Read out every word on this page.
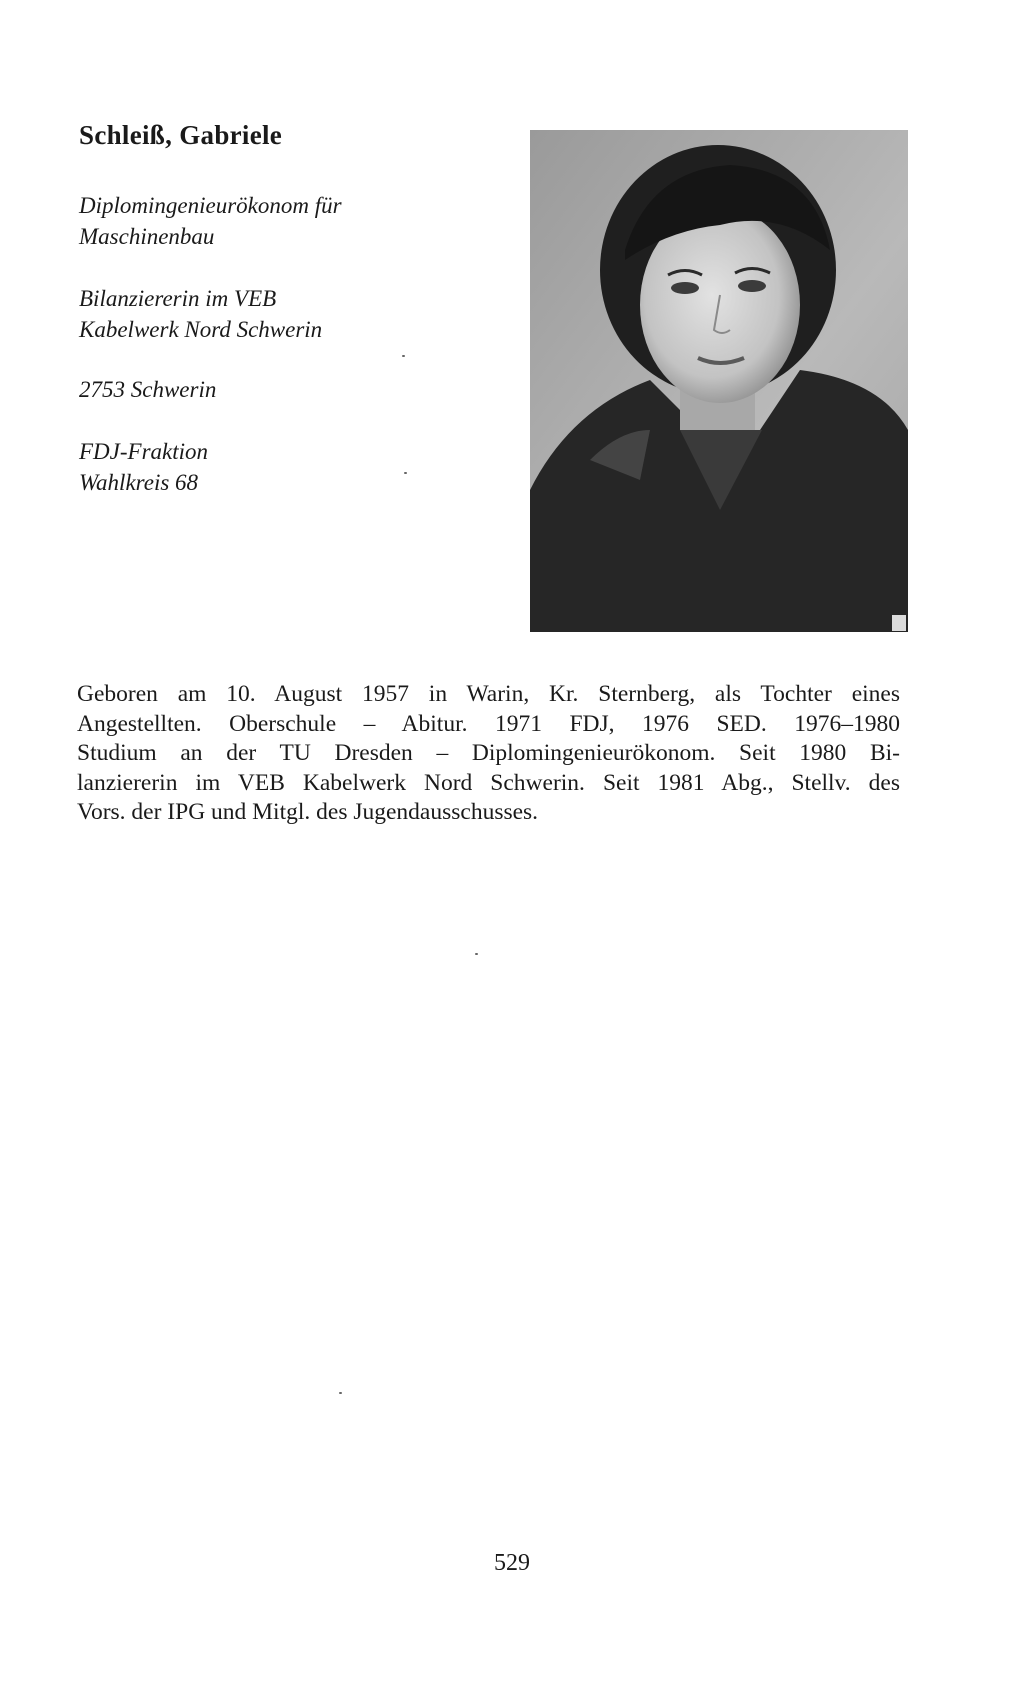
Schleiß, Gabriele
Diplomingenieurökonom für
Maschinenbau
Bilanziererin im VEB
Kabelwerk Nord Schwerin
2753 Schwerin
FDJ-Fraktion
Wahlkreis 68
Geboren am 10. August 1957 in Warin, Kr. Sternberg, als Tochter eines
Angestellten. Oberschule – Abitur. 1971 FDJ, 1976 SED. 1976–1980
Studium an der TU Dresden – Diplomingenieurökonom. Seit 1980 Bi-
lanziererin im VEB Kabelwerk Nord Schwerin. Seit 1981 Abg., Stellv. des
Vors. der IPG und Mitgl. des Jugendausschusses.
529
